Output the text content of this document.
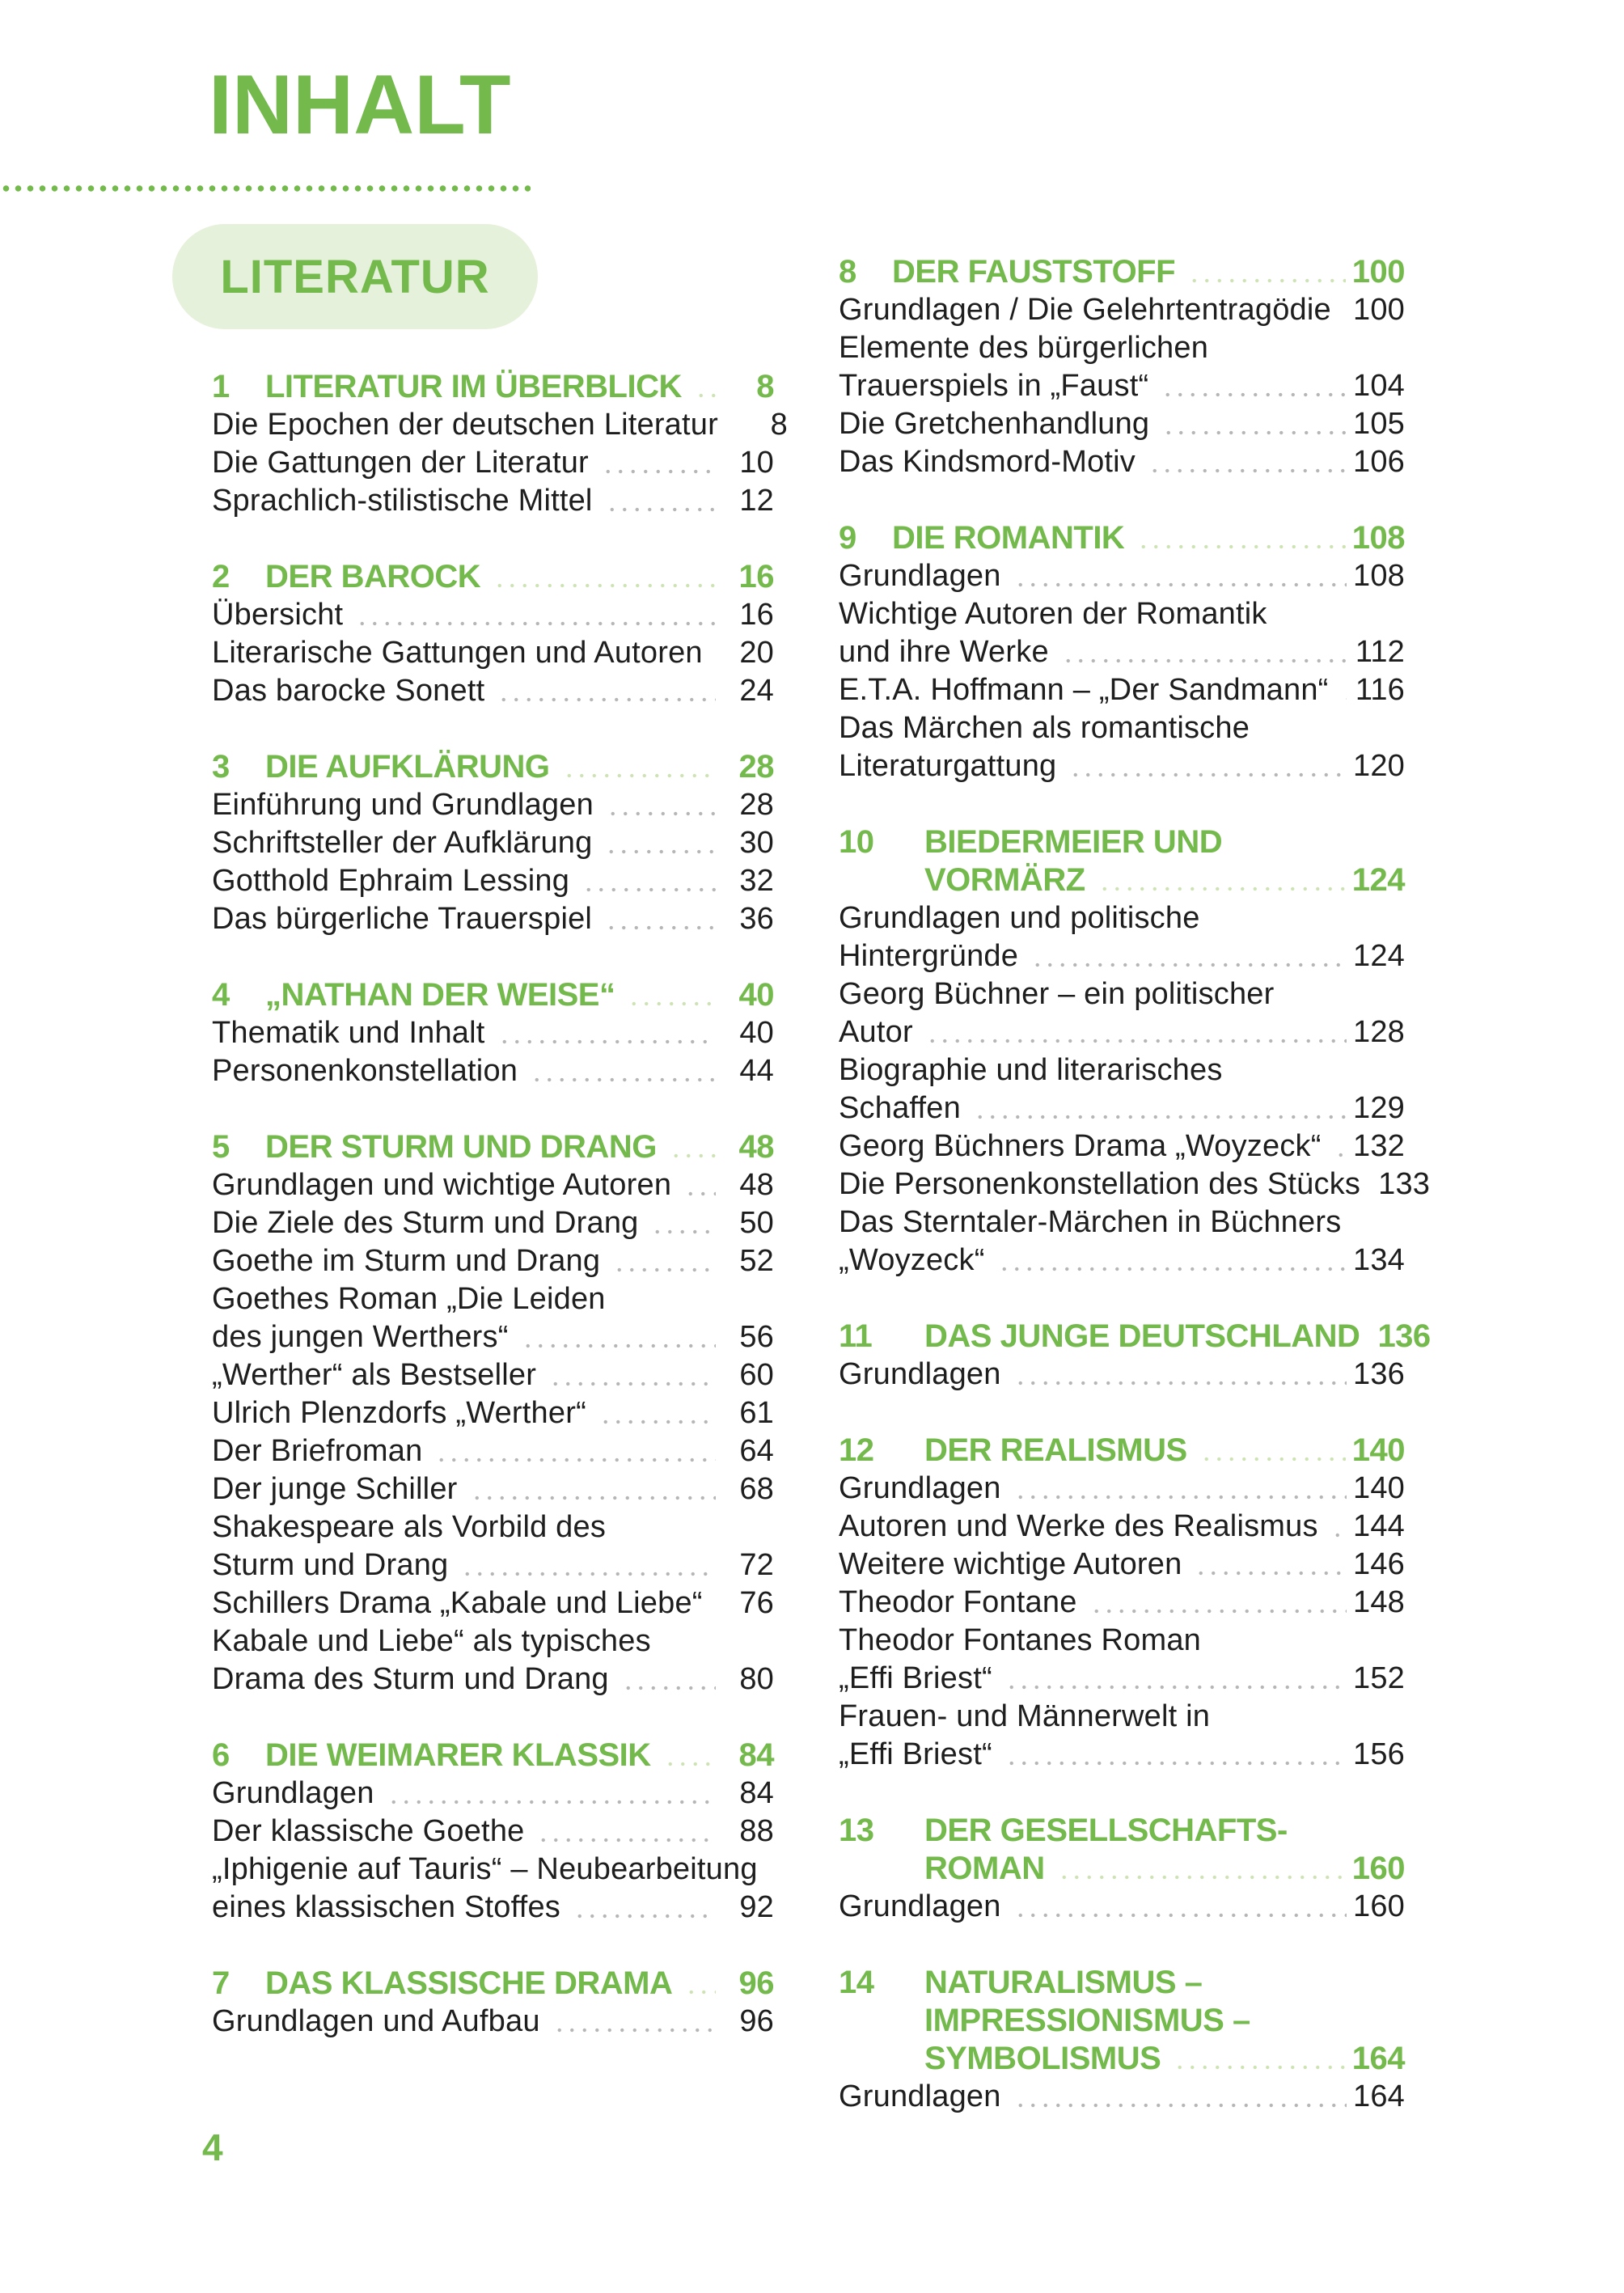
INHALT
LITERATUR
1	LITERATUR IM ÜBERBLICK	8
Die Epochen der deutschen Literatur	8
Die Gattungen der Literatur	10
Sprachlich-stilistische Mittel	12
2	DER BAROCK	16
Übersicht	16
Literarische Gattungen und Autoren	20
Das barocke Sonett	24
3	DIE AUFKLÄRUNG	28
Einführung und Grundlagen	28
Schriftsteller der Aufklärung	30
Gotthold Ephraim Lessing	32
Das bürgerliche Trauerspiel	36
4	„NATHAN DER WEISE“	40
Thematik und Inhalt	40
Personenkonstellation	44
5	DER STURM UND DRANG	48
Grundlagen und wichtige Autoren	48
Die Ziele des Sturm und Drang	50
Goethe im Sturm und Drang	52
Goethes Roman „Die Leiden
des jungen Werthers“	56
„Werther“ als Bestseller	60
Ulrich Plenzdorfs „Werther“	61
Der Briefroman	64
Der junge Schiller	68
Shakespeare als Vorbild des
Sturm und Drang	72
Schillers Drama „Kabale und Liebe“	76
Kabale und Liebe“ als typisches
Drama des Sturm und Drang	80
6	DIE WEIMARER KLASSIK	84
Grundlagen	84
Der klassische Goethe	88
„Iphigenie auf Tauris“ – Neubearbeitung
eines klassischen Stoffes	92
7	DAS KLASSISCHE DRAMA	96
Grundlagen und Aufbau	96
8	DER FAUSTSTOFF	100
Grundlagen / Die Gelehrtentragödie 100
Elemente des bürgerlichen
Trauerspiels in „Faust“	104
Die Gretchenhandlung	105
Das Kindsmord-Motiv	106
9	DIE ROMANTIK	108
Grundlagen	108
Wichtige Autoren der Romantik
und ihre Werke	112
E.T.A. Hoffmann – „Der Sandmann“ 116
Das Märchen als romantische
Literaturgattung	120
10	BIEDERMEIER UND
VORMÄRZ	124
Grundlagen und politische
Hintergründe	124
Georg Büchner – ein politischer
Autor	128
Biographie und literarisches
Schaffen	129
Georg Büchners Drama „Woyzeck“ 132
Die Personenkonstellation des Stücks 133
Das Sterntaler-Märchen in Büchners
„Woyzeck“	134
11	DAS JUNGE DEUTSCHLAND 136
Grundlagen	136
12	DER REALISMUS	140
Grundlagen	140
Autoren und Werke des Realismus 144
Weitere wichtige Autoren	146
Theodor Fontane	148
Theodor Fontanes Roman
„Effi Briest“	152
Frauen- und Männerwelt in
„Effi Briest“	156
13	DER GESELLSCHAFTS-
ROMAN	160
Grundlagen	160
14	NATURALISMUS –
IMPRESSIONISMUS –
SYMBOLISMUS	164
Grundlagen	164
4
